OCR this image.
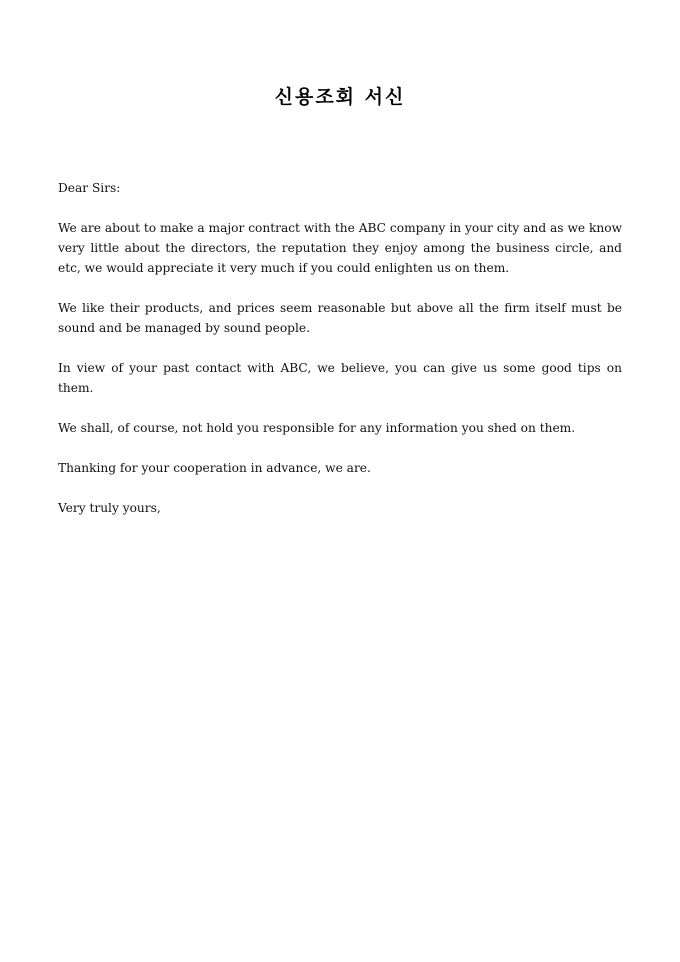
신용조회 서신

Dear Sirs:

We are about to make a major contract with the ABC company in your city and as we know very little about the directors, the reputation they enjoy among the business circle, and etc, we would appreciate it very much if you could enlighten us on them.

We like their products, and prices seem reasonable but above all the firm itself must be sound and be managed by sound people.

In view of your past contact with ABC, we believe, you can give us some good tips on them.

We shall, of course, not hold you responsible for any information you shed on them.

Thanking for your cooperation in advance, we are.

Very truly yours,
